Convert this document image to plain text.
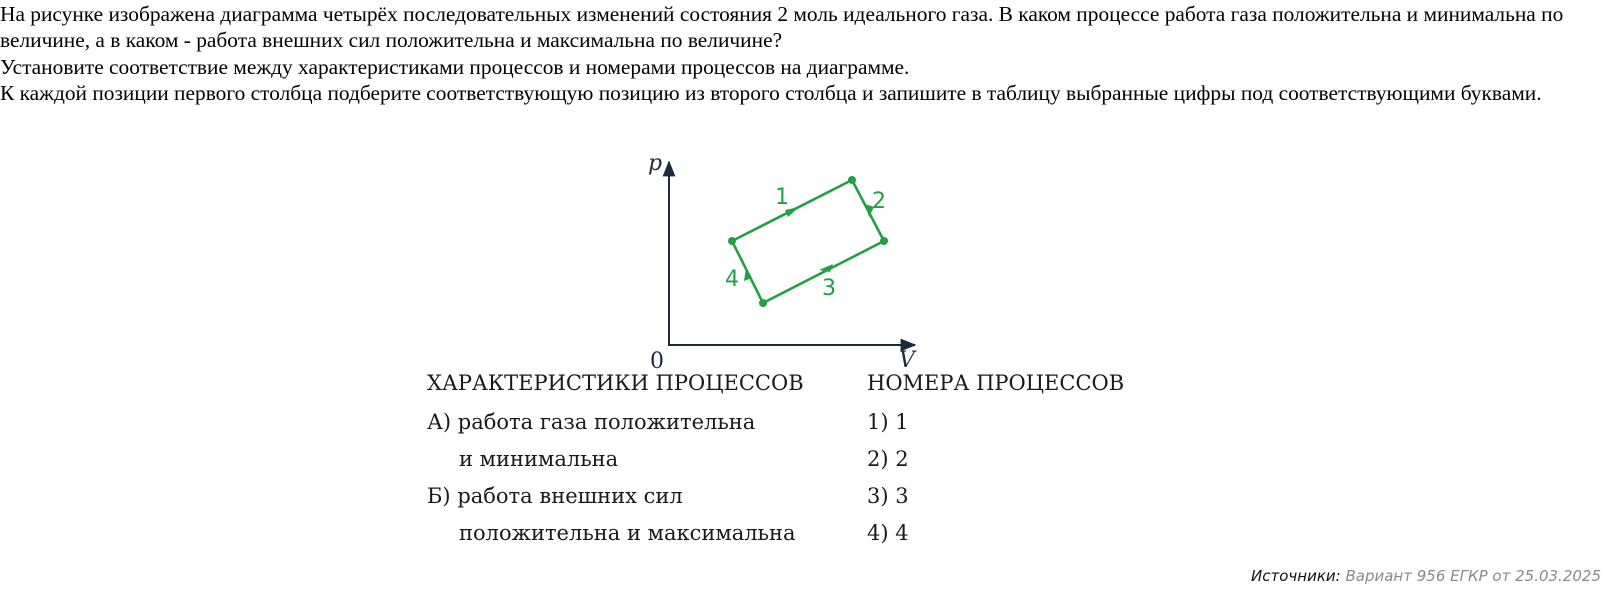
На рисунке изображена диаграмма четырёх последовательных изменений состояния 2 моль идеального газа. В каком процессе работа газа положительна и минимальна по величине, а в каком - работа внешних сил положительна и максимальна по величине?

Установите соответствие между характеристиками процессов и номерами процессов на диаграмме.

К каждой позиции первого столбца подберите соответствующую позицию из второго столбца и запишите в таблицу выбранные цифры под соответствующими буквами.

p
V
0
1	2
3
4
ХАРАКТЕРИСТИКИ ПРОЦЕССОВ	НОМЕРА ПРОЦЕССОВ
А) работа газа положительна
и минимальна
Б) работа внешних сил
положительна и максимальна
1) 1
2) 2
3) 3
4) 4
Источники: Вариант 956 ЕГКР от 25.03.2025
